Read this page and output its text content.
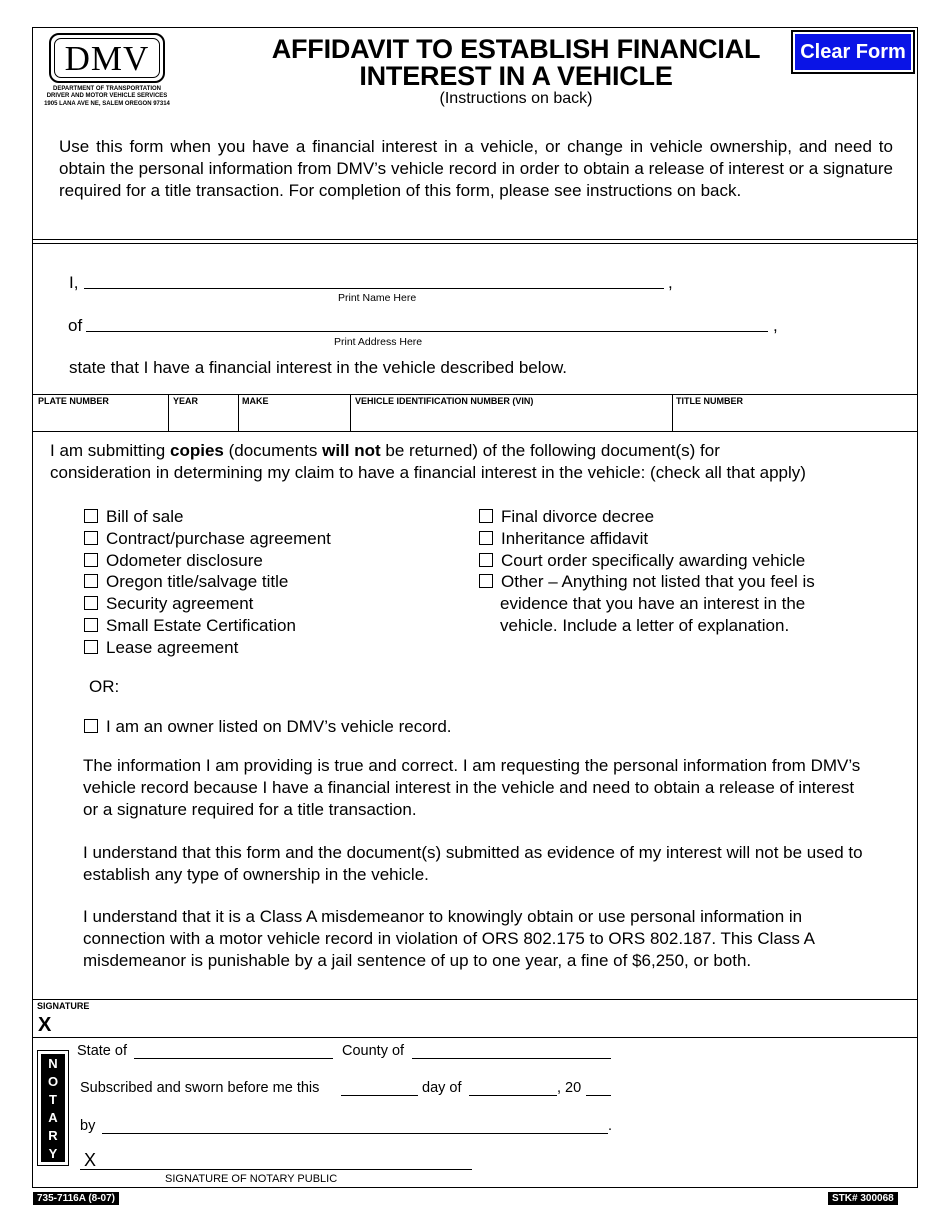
DMV
DEPARTMENT OF TRANSPORTATION
DRIVER AND MOTOR VEHICLE SERVICES
1905 LANA AVE NE, SALEM OREGON 97314
AFFIDAVIT TO ESTABLISH FINANCIAL
INTEREST IN A VEHICLE
(Instructions on back)
Clear Form
Use this form when you have a financial interest in a vehicle, or change in vehicle ownership, and need to obtain the personal information from DMV’s vehicle record in order to obtain a release of interest or a signature required for a title transaction. For completion of this form, please see instructions on back.
I,	,
Print Name Here
of	,
Print Address Here
state that I have a financial interest in the vehicle described below.
PLATE NUMBER	YEAR	MAKE	VEHICLE IDENTIFICATION NUMBER (VIN)	TITLE NUMBER
I am submitting copies (documents will not be returned) of the following document(s) for
consideration in determining my claim to have a financial interest in the vehicle: (check all that apply)
Bill of sale
Contract/purchase agreement
Odometer disclosure
Oregon title/salvage title
Security agreement
Small Estate Certification
Lease agreement
Final divorce decree
Inheritance affidavit
Court order specifically awarding vehicle
Other – Anything not listed that you feel is
evidence that you have an interest in the
vehicle. Include a letter of explanation.
OR:
I am an owner listed on DMV’s vehicle record.
The information I am providing is true and correct. I am requesting the personal information from DMV’s vehicle record because I have a financial interest in the vehicle and need to obtain a release of interest or a signature required for a title transaction.
I understand that this form and the document(s) submitted as evidence of my interest will not be used to establish any type of ownership in the vehicle.
I understand that it is a Class A misdemeanor to knowingly obtain or use personal information in connection with a motor vehicle record in violation of ORS 802.175 to ORS 802.187. This Class A misdemeanor is punishable by a jail sentence of up to one year, a fine of $6,250, or both.
SIGNATURE
X
N
O
T
A
R
Y
State of	County of
Subscribed and sworn before me this	day of	, 20
by	.
X
SIGNATURE OF NOTARY PUBLIC
735-7116A (8-07)	STK# 300068
